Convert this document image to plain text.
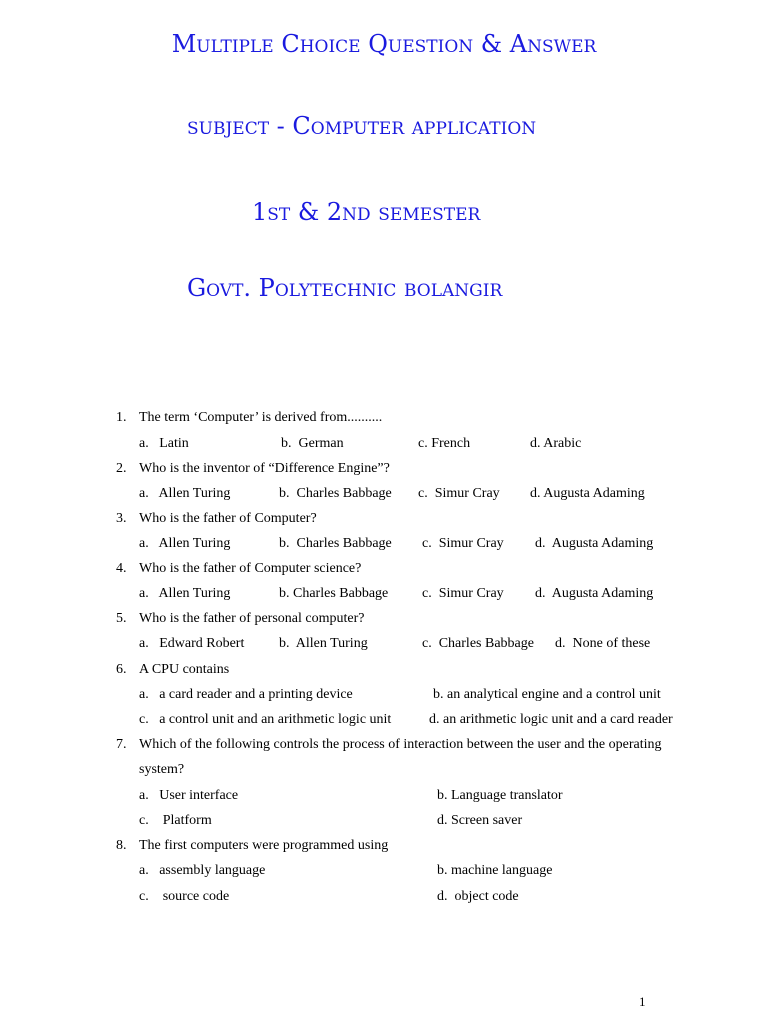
Multiple Choice Question & Answer
subject - Computer application
1st & 2nd semester
Govt. Polytechnic bolangir
1. The term ‘Computer’ is derived from..........
a.   Latin	b.  German	c. French	d. Arabic
2. Who is the inventor of “Difference Engine”?
a.   Allen Turing	b.  Charles Babbage c.  Simur Cray d. Augusta Adaming
3. Who is the father of Computer?
a.   Allen Turing	b.  Charles Babbage c.  Simur Cray d.  Augusta Adaming
4. Who is the father of Computer science?
a.   Allen Turing	b. Charles Babbage c.  Simur Cray d.  Augusta Adaming
5. Who is the father of personal computer?
a.   Edward Robert b.  Allen Turing	c.  Charles Babbage d.  None of these
6. A CPU contains
a.   a card reader and a printing device	b. an analytical engine and a control unit
c.   a control unit and an arithmetic logic unit	d. an arithmetic logic unit and a card reader
7. Which of the following controls the process of interaction between the user and the operating
system?
a.   User interface	b. Language translator
c.    Platform	d. Screen saver
8. The first computers were programmed using
a.   assembly language	b. machine language
c.    source code	d.  object code
1
